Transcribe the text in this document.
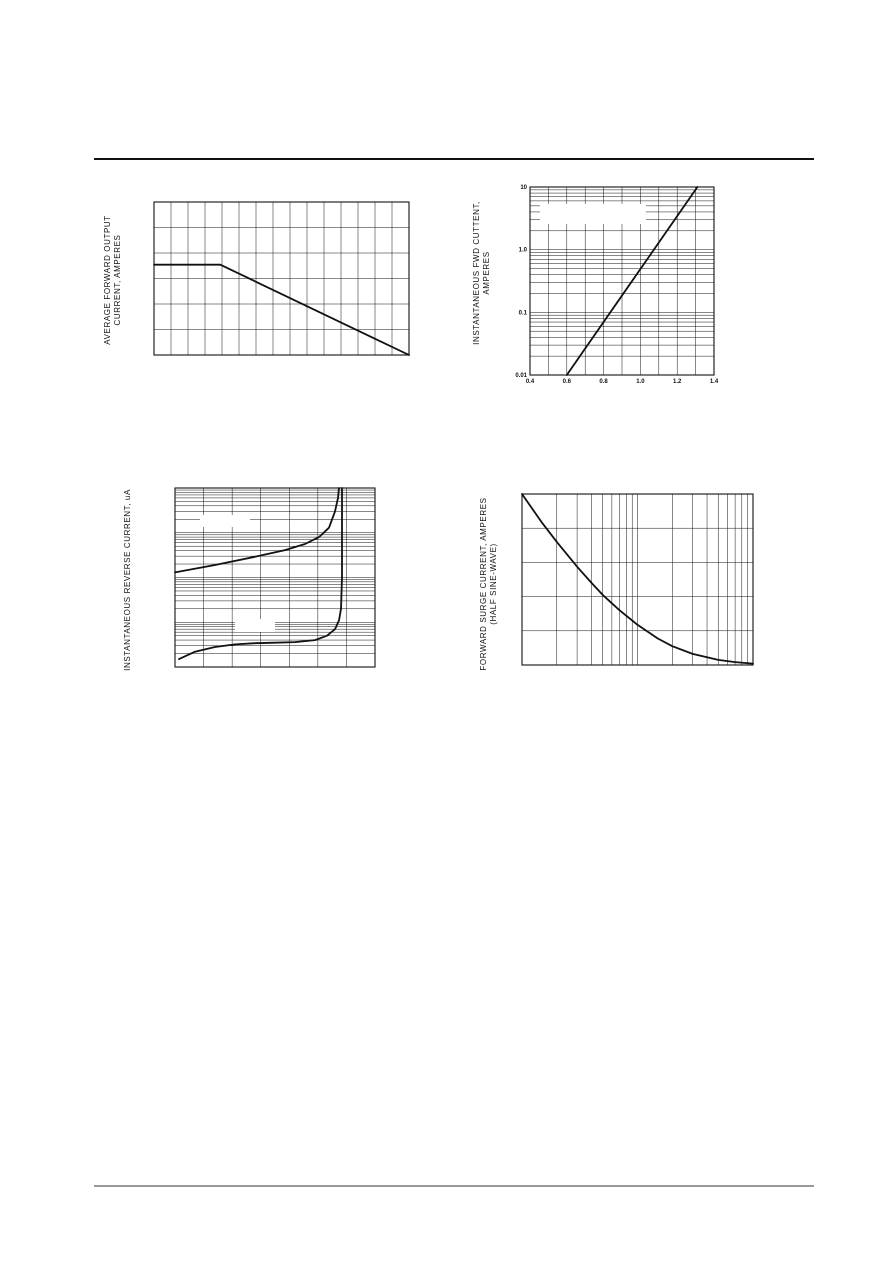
AVERAGE FORWARD OUTPUT CURRENT, AMPERES	INSTANTANEOUS FWD CUTTENT, AMPERES
0.4	0.6	0.8	1.0	1.2	1.4
10
1.0
0.1
0.01
INSTANTANEOUS REVERSE CURRENT, uA	FORWARD SURGE CURRENT, AMPERES (HALF SINE-WAVE)
